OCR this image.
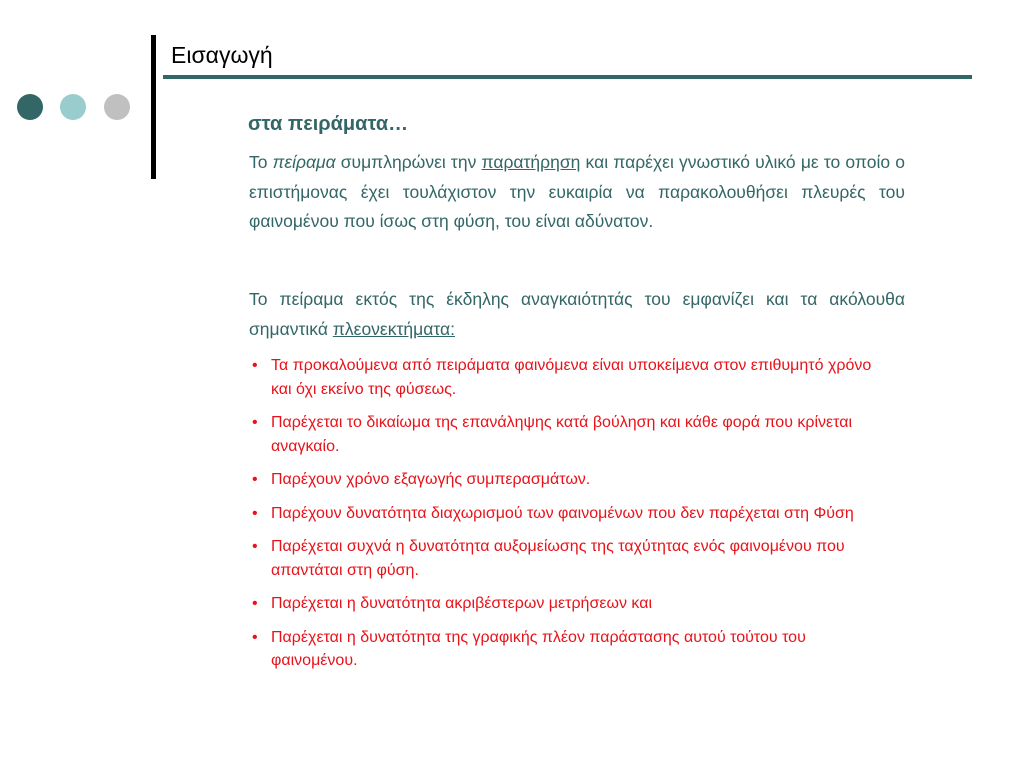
Εισαγωγή
στα πειράματα…

Το πείραμα συμπληρώνει την παρατήρηση και παρέχει γνωστικό υλικό με το οποίο ο επιστήμονας έχει τουλάχιστον την ευκαιρία να παρακολουθήσει πλευρές του φαινομένου που ίσως στη φύση, του είναι αδύνατον.

Το πείραμα εκτός της έκδηλης αναγκαιότητάς του εμφανίζει και τα ακόλουθα σημαντικά πλεονεκτήματα:

• Τα προκαλούμενα από πειράματα φαινόμενα είναι υποκείμενα στον επιθυμητό χρόνο και όχι εκείνο της φύσεως.
• Παρέχεται το δικαίωμα της επανάληψης κατά βούληση και κάθε φορά που κρίνεται αναγκαίο.
• Παρέχουν χρόνο εξαγωγής συμπερασμάτων.
• Παρέχουν δυνατότητα διαχωρισμού των φαινομένων που δεν παρέχεται στη Φύση
• Παρέχεται συχνά η δυνατότητα αυξομείωσης της ταχύτητας ενός φαινομένου που απαντάται στη φύση.
• Παρέχεται η δυνατότητα ακριβέστερων μετρήσεων και
• Παρέχεται η δυνατότητα της γραφικής πλέον παράστασης αυτού τούτου του φαινομένου.
